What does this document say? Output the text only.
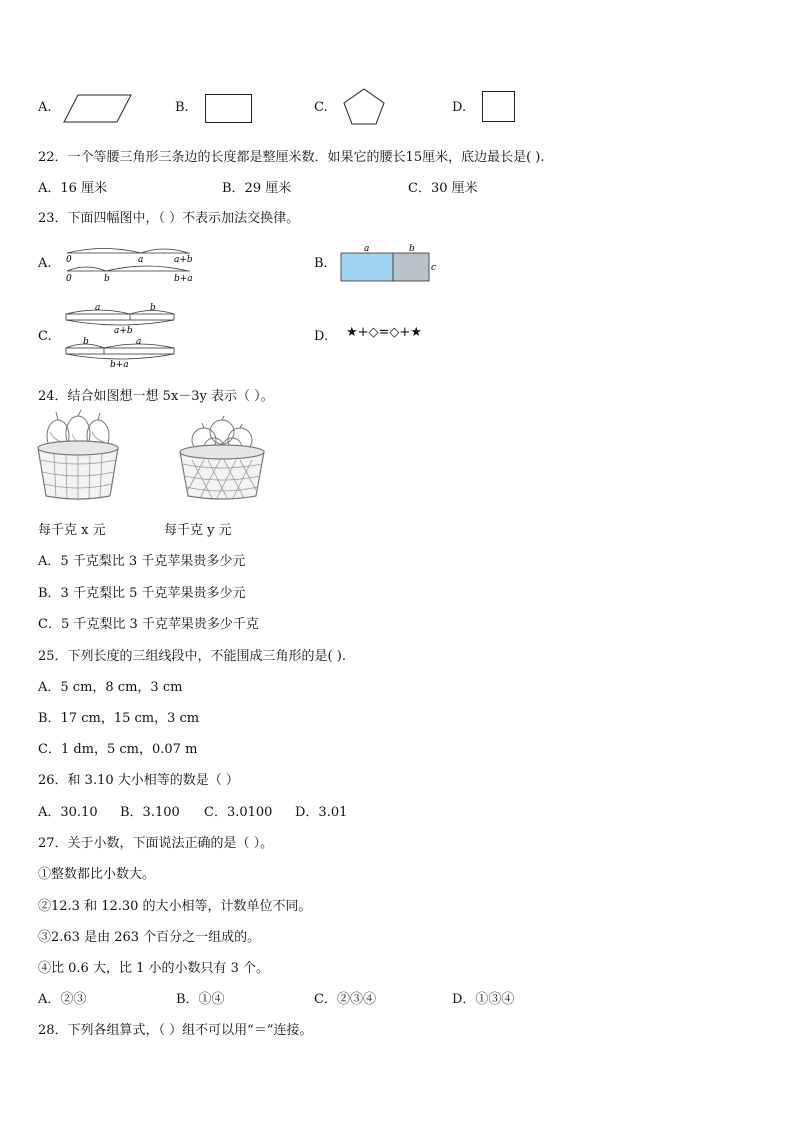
A.	B.	C.	D.
22．一个等腰三角形三条边的长度都是整厘米数．如果它的腰长15厘米，底边最长是( ).
A．16 厘米	B．29 厘米	C．30 厘米
23．下面四幅图中，（ ）不表示加法交换律。
A. 0	a	a+b
0	b	b+a
B.
a	b
c
C.
a	b
a+b
b	a
b+a
D. ★+◇=◇+★
24．结合如图想一想 5x－3y 表示（ ）。
每千克 x 元	每千克 y 元
A．5 千克梨比 3 千克苹果贵多少元
B．3 千克梨比 5 千克苹果贵多少元
C．5 千克梨比 3 千克苹果贵多少千克
25．下列长度的三组线段中，不能围成三角形的是( ).
A．5 cm，8 cm，3 cm
B．17 cm，15 cm，3 cm
C．1 dm，5 cm，0.07 m
26．和 3.10 大小相等的数是（ ）
A．30.10 B．3.100 C．3.0100 D．3.01
27．关于小数，下面说法正确的是（ ）。
①整数都比小数大。
②12.3 和 12.30 的大小相等，计数单位不同。
③2.63 是由 263 个百分之一组成的。
④比 0.6 大，比 1 小的小数只有 3 个。
A．②③	B．①④	C．②③④	D．①③④
28．下列各组算式，（ ）组不可以用“＝”连接。
